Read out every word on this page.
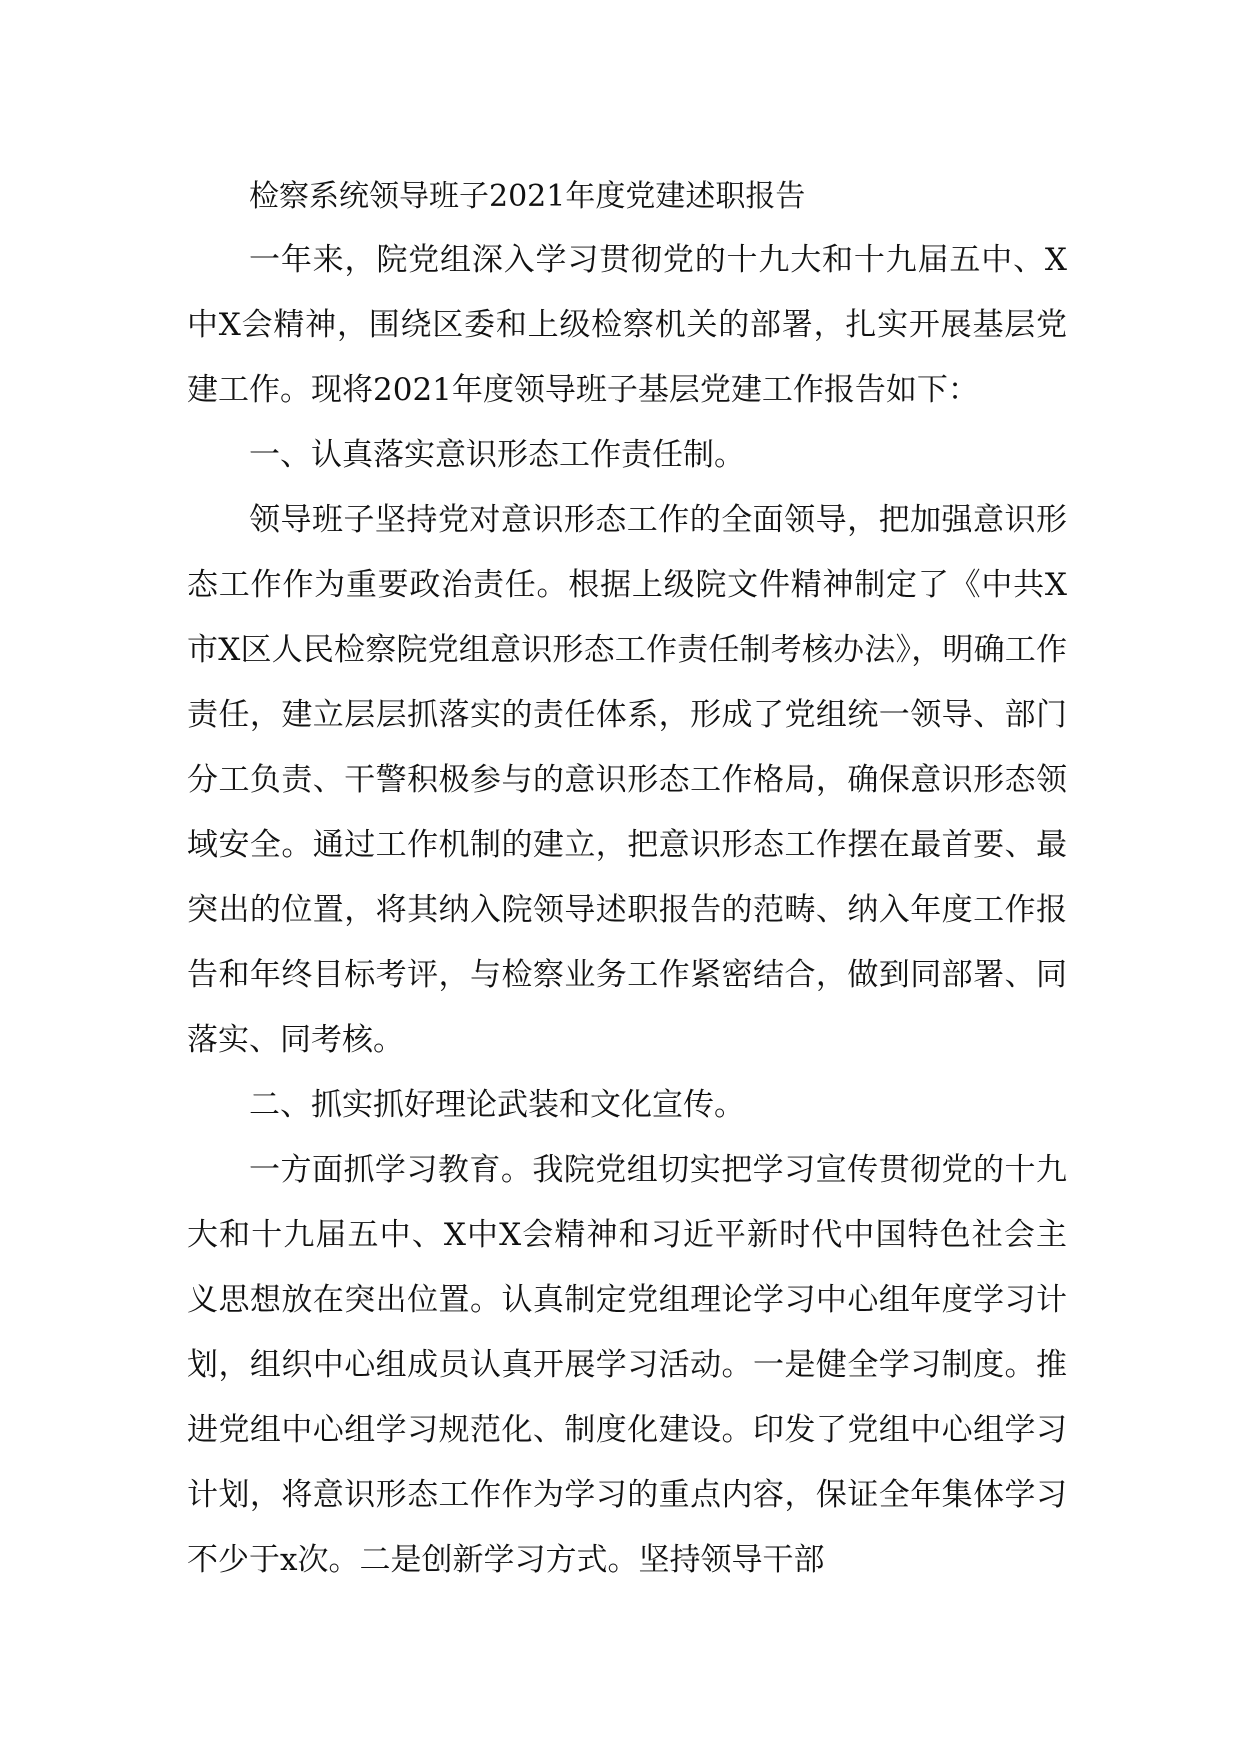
检察系统领导班子2021年度党建述职报告

一年来，院党组深入学习贯彻党的十九大和十九届五中、X中X会精神，围绕区委和上级检察机关的部署，扎实开展基层党建工作。现将2021年度领导班子基层党建工作报告如下：

一、认真落实意识形态工作责任制。

领导班子坚持党对意识形态工作的全面领导，把加强意识形态工作作为重要政治责任。根据上级院文件精神制定了《中共X市X区人民检察院党组意识形态工作责任制考核办法》，明确工作责任，建立层层抓落实的责任体系，形成了党组统一领导、部门分工负责、干警积极参与的意识形态工作格局，确保意识形态领域安全。通过工作机制的建立，把意识形态工作摆在最首要、最突出的位置，将其纳入院领导述职报告的范畴、纳入年度工作报告和年终目标考评，与检察业务工作紧密结合，做到同部署、同落实、同考核。

二、抓实抓好理论武装和文化宣传。

一方面抓学习教育。我院党组切实把学习宣传贯彻党的十九大和十九届五中、X中X会精神和习近平新时代中国特色社会主义思想放在突出位置。认真制定党组理论学习中心组年度学习计划，组织中心组成员认真开展学习活动。一是健全学习制度。推进党组中心组学习规范化、制度化建设。印发了党组中心组学习计划，将意识形态工作作为学习的重点内容，保证全年集体学习不少于x次。二是创新学习方式。坚持领导干部
